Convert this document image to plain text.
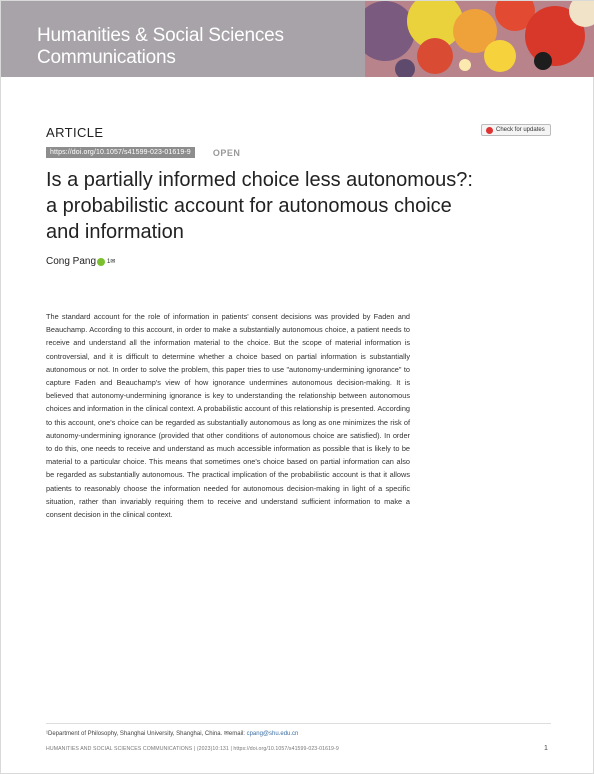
Humanities & Social Sciences
Communications
ARTICLE	Check for updates
https://doi.org/10.1057/s41599-023-01619-9	OPEN
Is a partially informed choice less autonomous?:
a probabilistic account for autonomous choice
and information
Cong Pang 1✉
The standard account for the role of information in patients' consent decisions was provided by Faden and Beauchamp. According to this account, in order to make a substantially autonomous choice, a patient needs to receive and understand all the information material to the choice. But the scope of material information is controversial, and it is difficult to determine whether a choice based on partial information is substantially autonomous or not. In order to solve the problem, this paper tries to use "autonomy-undermining ignorance" to capture Faden and Beauchamp's view of how ignorance undermines autonomous decision-making. It is believed that autonomy-undermining ignorance is key to understanding the relationship between autonomous choices and information in the clinical context. A probabilistic account of this relationship is presented. According to this account, one's choice can be regarded as substantially autonomous as long as one minimizes the risk of autonomy-undermining ignorance (provided that other conditions of autonomous choice are satisfied). In order to do this, one needs to receive and understand as much accessible information as possible that is likely to be material to a particular choice. This means that sometimes one's choice based on partial information can also be regarded as substantially autonomous. The practical implication of the probabilistic account is that it allows patients to reasonably choose the information needed for autonomous decision-making in light of a specific situation, rather than invariably requiring them to receive and understand sufficient information to make a consent decision in the clinical context.
¹Department of Philosophy, Shanghai University, Shanghai, China. ✉email: cpang@shu.edu.cn
HUMANITIES AND SOCIAL SCIENCES COMMUNICATIONS | (2023)10:131 | https://doi.org/10.1057/s41599-023-01619-9	1
